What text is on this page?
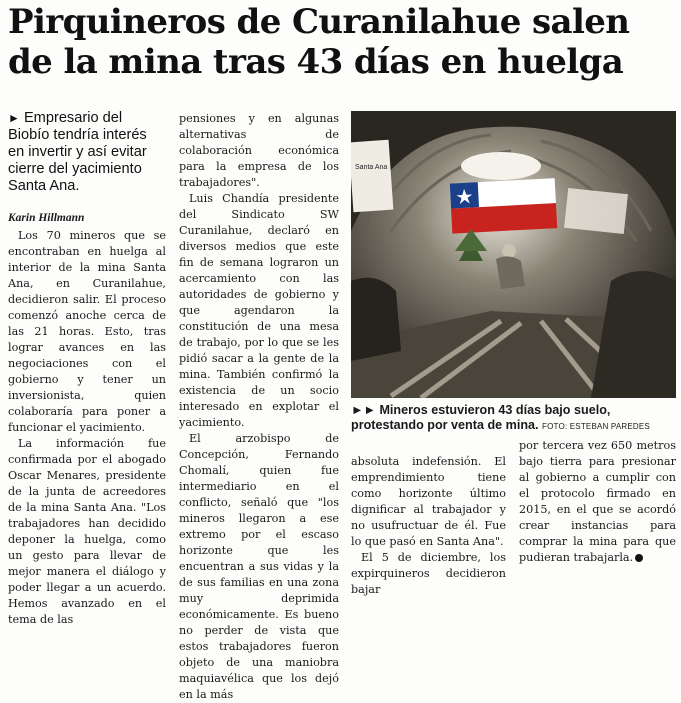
Pirquineros de Curanilahue salen de la mina tras 43 días en huelga

► Empresario del Biobío tendría interés en invertir y así evitar cierre del yacimiento Santa Ana.

Karin Hillmann

Los 70 mineros que se encontraban en huelga al interior de la mina Santa Ana, en Curanilahue, decidieron salir. El proceso comenzó anoche cerca de las 21 horas. Esto, tras lograr avances en las negociaciones con el gobierno y tener un inversionista, quien colaboraría para poner a funcionar el yacimiento.

La información fue confirmada por el abogado Oscar Menares, presidente de la junta de acreedores de la mina Santa Ana. "Los trabajadores han decidido deponer la huelga, como un gesto para llevar de mejor manera el diálogo y poder llegar a un acuerdo. Hemos avanzado en el tema de las

pensiones y en algunas alternativas de colaboración económica para la empresa de los trabajadores".

Luis Chandía presidente del Sindicato SW Curanilahue, declaró en diversos medios que este fin de semana lograron un acercamiento con las autoridades de gobierno y que agendaron la constitución de una mesa de trabajo, por lo que se les pidió sacar a la gente de la mina. También confirmó la existencia de un socio interesado en explotar el yacimiento.

El arzobispo de Concepción, Fernando Chomalí, quien fue intermediario en el conflicto, señaló que "los mineros llegaron a ese extremo por el escaso horizonte que les encuentran a sus vidas y la de sus familias en una zona muy deprimida económicamente. Es bueno no perder de vista que estos trabajadores fueron objeto de una maniobra maquiavélica que los dejó en la más

absoluta indefensión. El emprendimiento tiene como horizonte último dignificar al trabajador y no usufructuar de él. Fue lo que pasó en Santa Ana".

El 5 de diciembre, los expirquineros decidieron bajar

por tercera vez 650 metros bajo tierra para presionar al gobierno a cumplir con el protocolo firmado en 2015, en el que se acordó crear instancias para comprar la mina para que pudieran trabajarla.

Santa Ana

►► Mineros estuvieron 43 días bajo suelo, protestando por venta de mina. FOTO: ESTEBAN PAREDES
